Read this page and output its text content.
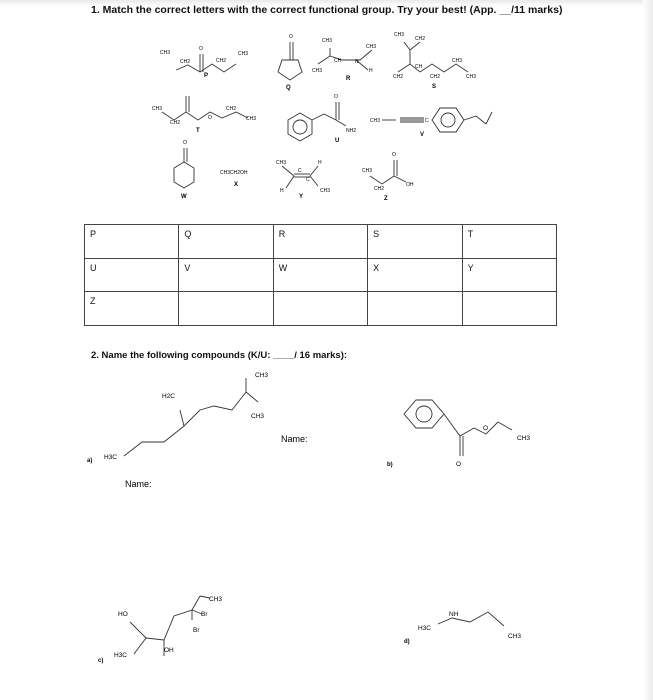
1. Match the correct letters with the correct functional group. Try your best! (App. __/11 marks)
O
CH3
CH2	CH2
CH3
P
O
Q
CH3
CH3
CH	N
CH3
H
R
CH3
CH2
CH
CH2
CH3
CH2	CH3
S
CH3
CH2
O
CH2
CH3
T
O
NH2
U
CH3	C
V
O
W
CH3CH2OH
X
CH3
H
C
C
H
CH3
Y
CH3
CH2
O
OH
Z
P	Q	R	S	T
U	V	W	X	Y
Z				
2. Name the following compounds (K/U: ____/ 16 marks):
a) H3C
H2C
CH3
CH3
Name:
Name:
O
O
CH3
b)
c)
H3C
HO
OH
Br
Br
CH3
d)
H3C
NH
CH3
